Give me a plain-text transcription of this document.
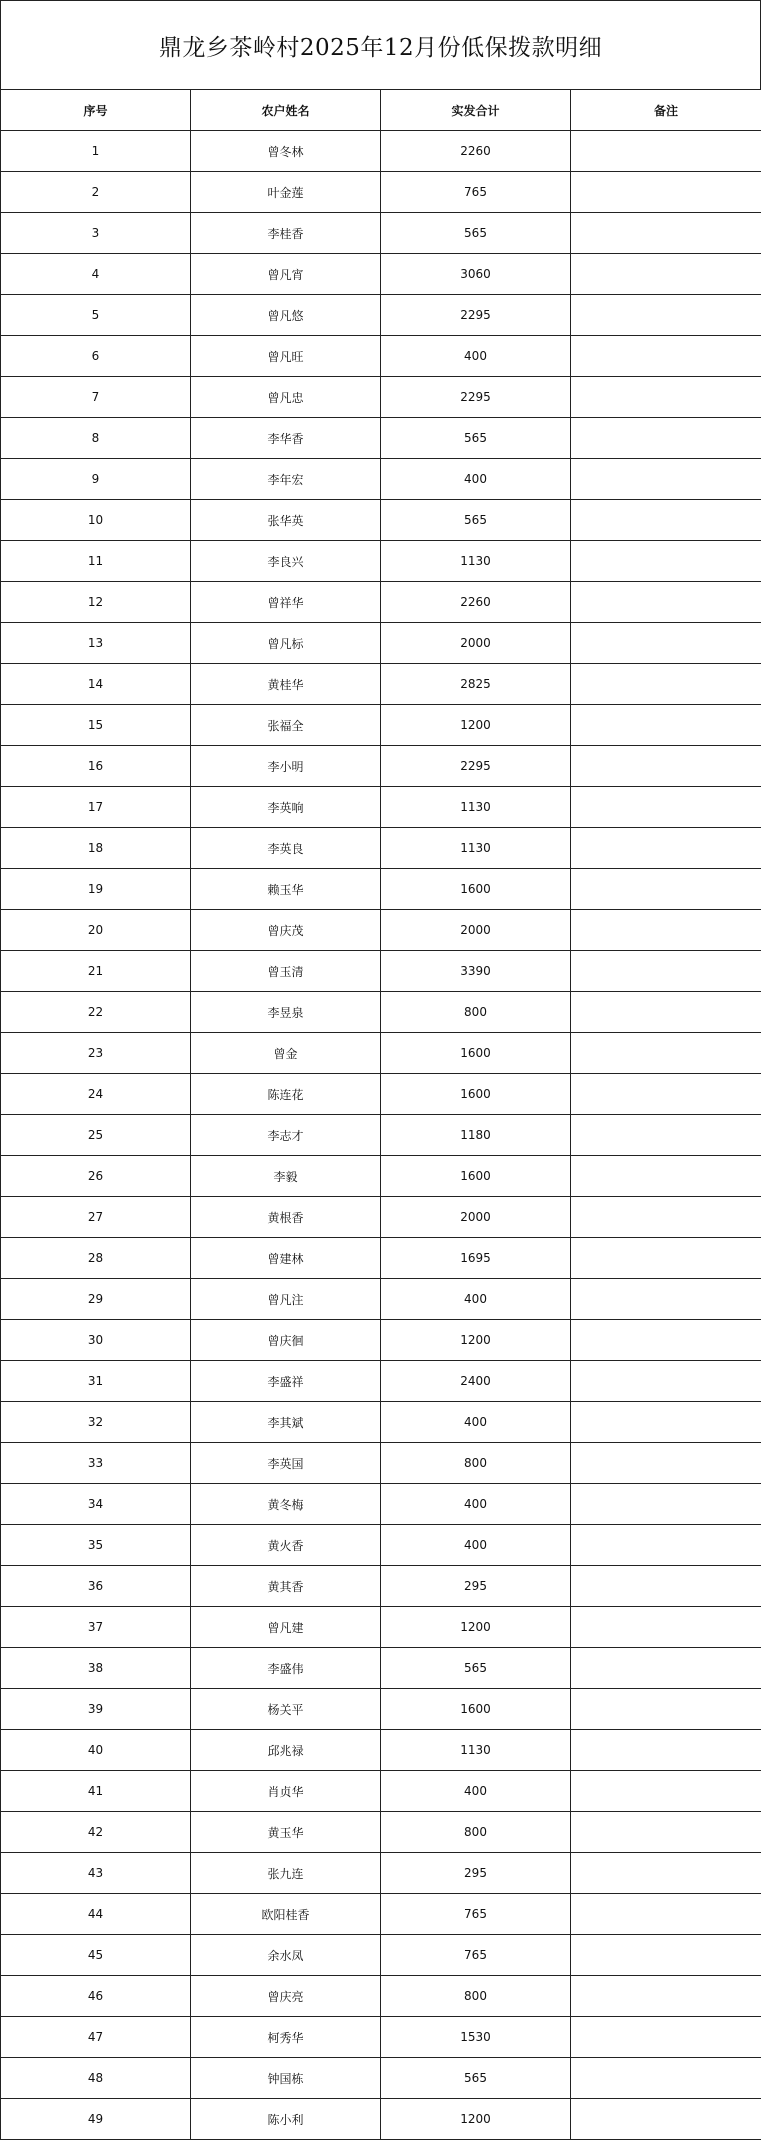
鼎龙乡茶岭村2025年12月份低保拨款明细
序号	农户姓名	实发合计	备注
1	曾冬林	2260	
2	叶金莲	765	
3	李桂香	565	
4	曾凡宵	3060	
5	曾凡悠	2295	
6	曾凡旺	400	
7	曾凡忠	2295	
8	李华香	565	
9	李年宏	400	
10	张华英	565	
11	李良兴	1130	
12	曾祥华	2260	
13	曾凡标	2000	
14	黄桂华	2825	
15	张福全	1200	
16	李小明	2295	
17	李英响	1130	
18	李英良	1130	
19	赖玉华	1600	
20	曾庆茂	2000	
21	曾玉清	3390	
22	李昱泉	800	
23	曾金	1600	
24	陈连花	1600	
25	李志才	1180	
26	李毅	1600	
27	黄根香	2000	
28	曾建林	1695	
29	曾凡注	400	
30	曾庆徊	1200	
31	李盛祥	2400	
32	李其斌	400	
33	李英国	800	
34	黄冬梅	400	
35	黄火香	400	
36	黄其香	295	
37	曾凡建	1200	
38	李盛伟	565	
39	杨关平	1600	
40	邱兆禄	1130	
41	肖贞华	400	
42	黄玉华	800	
43	张九连	295	
44	欧阳桂香	765	
45	余水凤	765	
46	曾庆亮	800	
47	柯秀华	1530	
48	钟国栋	565	
49	陈小利	1200	
